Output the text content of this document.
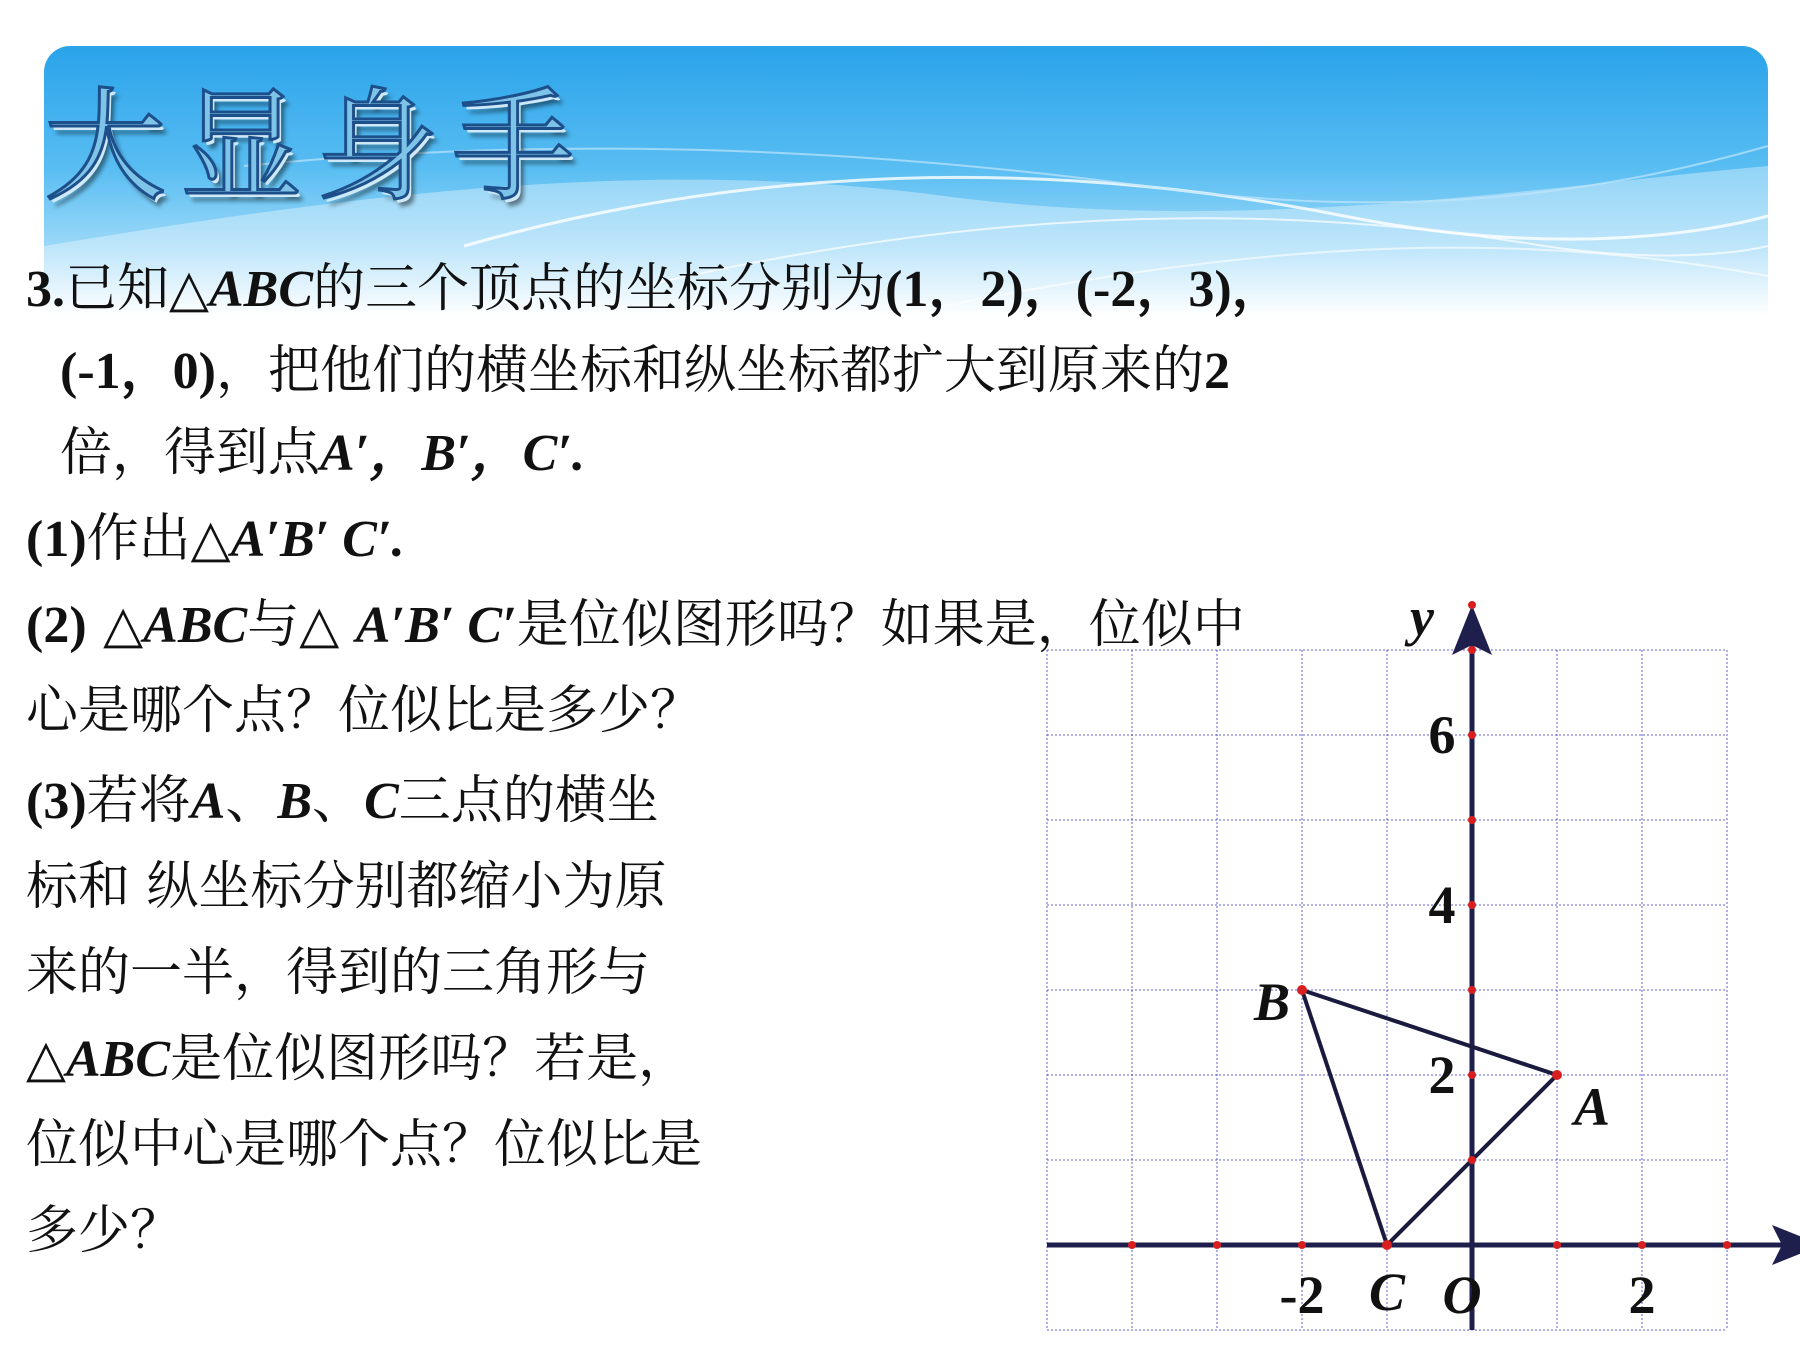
大显身手
3.已知△ABC的三个顶点的坐标分别为(1，2)，(-2，3)，
(-1，0)，把他们的横坐标和纵坐标都扩大到原来的2
倍，得到点A′，B′，C′.
(1)作出△A′B′ C′.
(2) △ABC与△ A′B′ C′是位似图形吗？如果是，位似中
心是哪个点？位似比是多少？
(3)若将A、B、C三点的横坐
标和 纵坐标分别都缩小为原
来的一半，得到的三角形与
△ABC是位似图形吗？若是，
位似中心是哪个点？位似比是
多少？
A
B
C
-2	2
2
4
6
O
y
